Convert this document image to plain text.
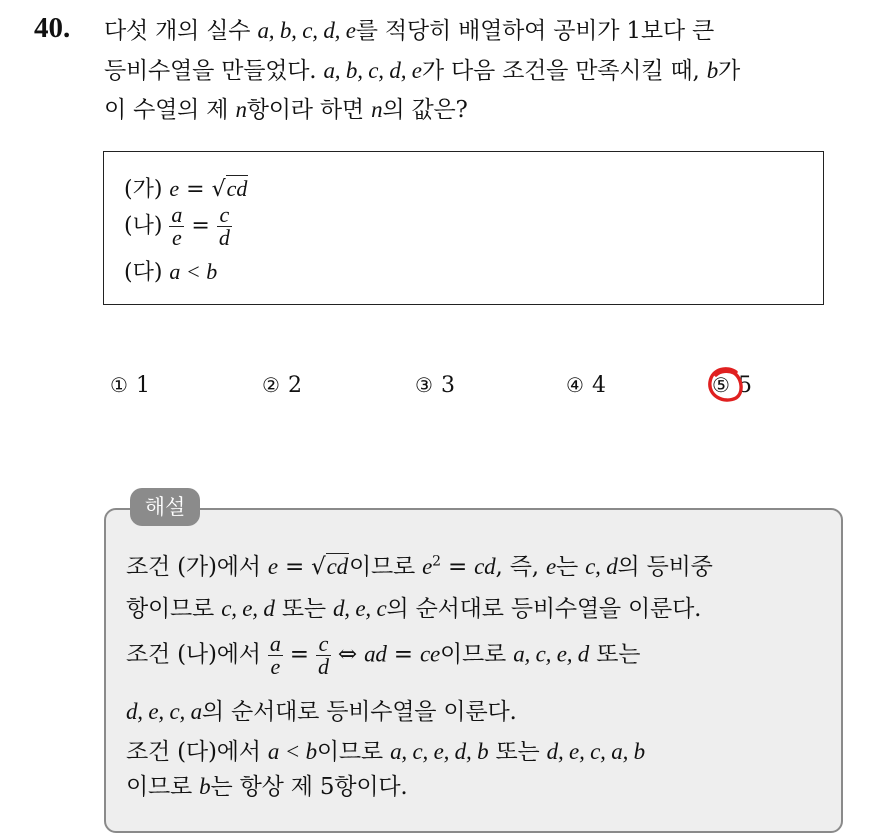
40. 다섯 개의 실수 a, b, c, d, e를 적당히 배열하여 공비가 1보다 큰
등비수열을 만들었다. a, b, c, d, e가 다음 조건을 만족시킬 때, b가
이 수열의 제 n항이라 하면 n의 값은?
(가) e = √cd
(나) $\frac{a}{e} = \frac{c}{d}$
(다) a < b
① 1	② 2	③ 3	④ 4	⑤ 5
해설
조건 (가)에서 e = √cd이므로 $e^2$ = cd, 즉, e는 c, d의 등비중
항이므로 c, e, d 또는 d, e, c의 순서대로 등비수열을 이룬다.
조건 (나)에서 $\frac{a}{e} = \frac{c}{d}$ ⇔ ad = ce이므로 a, c, e, d 또는
d, e, c, a의 순서대로 등비수열을 이룬다.
조건 (다)에서 a < b이므로 a, c, e, d, b 또는 d, e, c, a, b
이므로 b는 항상 제 5항이다.
